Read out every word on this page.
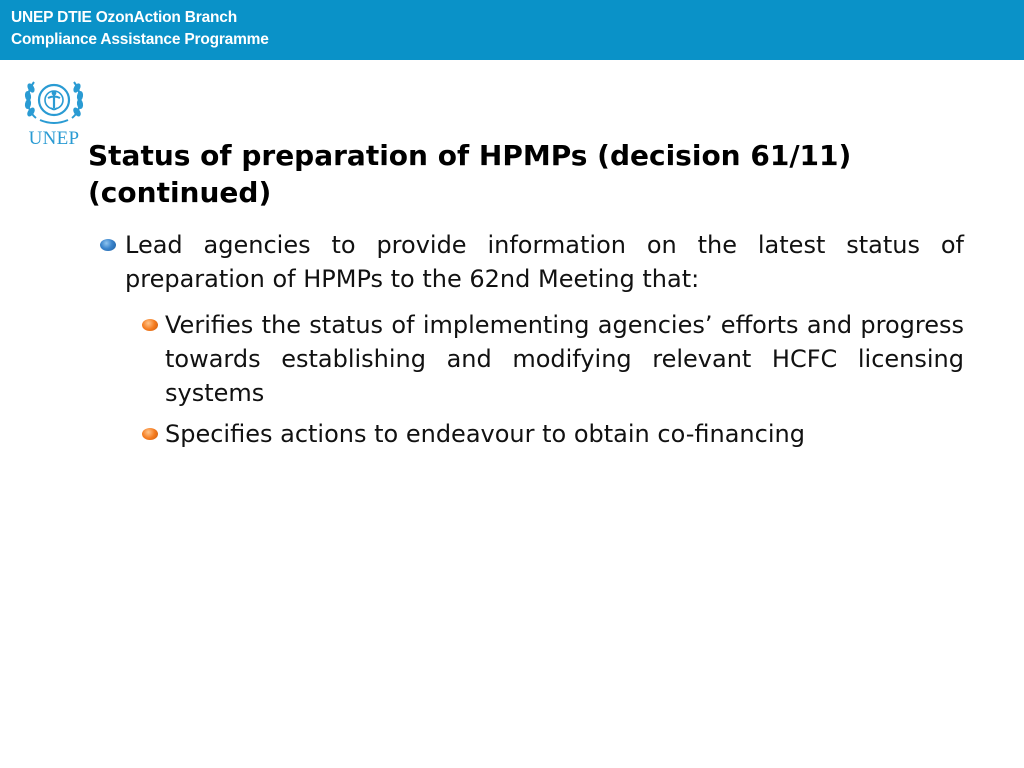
UNEP DTIE OzonAction Branch
Compliance Assistance Programme
UNEP
Status of preparation of HPMPs (decision 61/11) (continued)
Lead agencies to provide information on the latest status of preparation of HPMPs to the 62nd Meeting that:
Verifies the status of implementing agencies’ efforts and progress towards establishing and modifying relevant HCFC licensing systems
Specifies actions to endeavour to obtain co-financing
